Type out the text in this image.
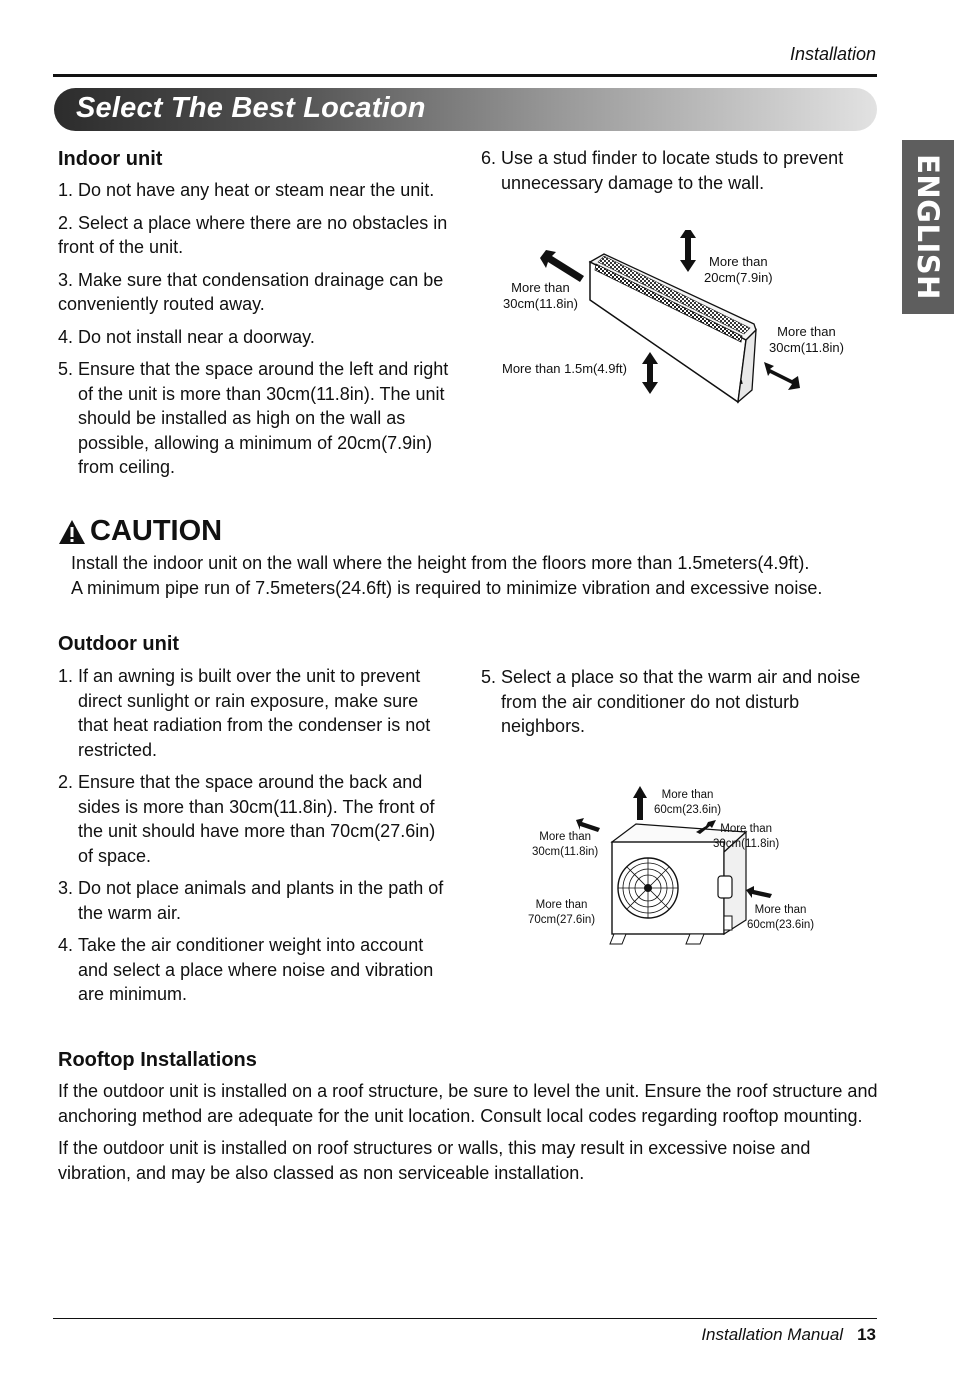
Installation
Select The Best Location
ENGLISH
Indoor unit
1. Do not have any heat or steam near the unit.
2. Select a place where there are no obstacles in front of the unit.
3. Make sure that condensation drainage can be conveniently routed away.
4. Do not install near a doorway.
5. Ensure that the space around the left and right of the unit is more than 30cm(11.8in). The unit should be installed as high on the wall as possible, allowing a minimum of 20cm(7.9in) from ceiling.
6. Use a stud finder to locate studs to prevent unnecessary damage to the wall.
More than
30cm(11.8in)
More than
20cm(7.9in)
More than
30cm(11.8in)
More than 1.5m(4.9ft)
CAUTION
Install the indoor unit on the wall where the height from the floors more than 1.5meters(4.9ft).
A minimum pipe run of 7.5meters(24.6ft) is required to minimize vibration and excessive noise.
Outdoor unit
1. If an awning is built over the unit to prevent direct sunlight or rain exposure, make sure that heat radiation from the condenser is not restricted.
2. Ensure that the space around the back and sides is more than 30cm(11.8in). The front of the unit should have more than 70cm(27.6in) of space.
3. Do not place animals and plants in the path of the warm air.
4. Take the air conditioner weight into account and select a place where noise and vibration are minimum.
5. Select a place so that the warm air and noise from the air conditioner do not disturb neighbors.
More than
60cm(23.6in)
More than
30cm(11.8in)
More than
30cm(11.8in)
More than
70cm(27.6in)
More than
60cm(23.6in)
Rooftop Installations

If the outdoor unit is installed on a roof structure, be sure to level the unit. Ensure the roof structure and anchoring method are adequate for the unit location. Consult local codes regarding rooftop mounting.

If the outdoor unit is installed on roof structures or walls, this may result in excessive noise and vibration, and may be also classed as non serviceable installation.

Installation Manual 13
